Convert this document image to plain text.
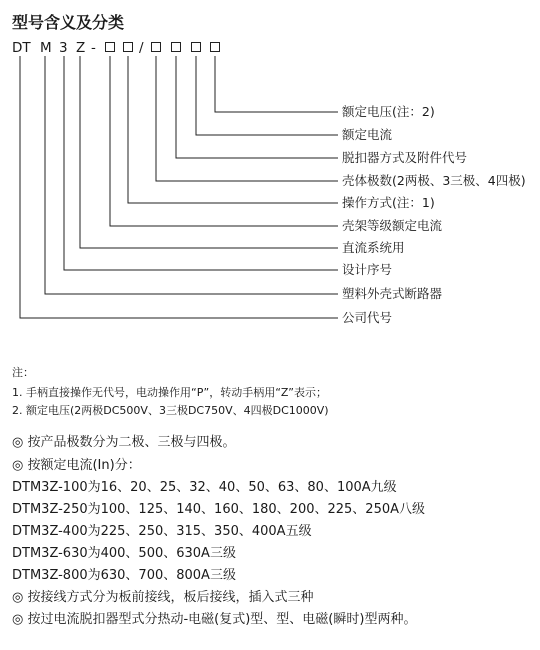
型号含义及分类
DT M 3 Z -	/
额定电压(注：2)
额定电流
脱扣器方式及附件代号
壳体极数(2两极、3三极、4四极)
操作方式(注：1)
壳架等级额定电流
直流系统用
设计序号
塑料外壳式断路器
公司代号
注：
1. 手柄直接操作无代号，电动操作用“P”，转动手柄用“Z”表示；
2. 额定电压(2两极DC500V、3三极DC750V、4四极DC1000V)
◎ 按产品极数分为二极、三极与四极。
◎ 按额定电流(In)分：
DTM3Z-100为16、20、25、32、40、50、63、80、100A九级
DTM3Z-250为100、125、140、160、180、200、225、250A八级
DTM3Z-400为225、250、315、350、400A五级
DTM3Z-630为400、500、630A三级
DTM3Z-800为630、700、800A三级
◎ 按接线方式分为板前接线，板后接线，插入式三种
◎ 按过电流脱扣器型式分热动-电磁(复式)型、型、电磁(瞬时)型两种。
